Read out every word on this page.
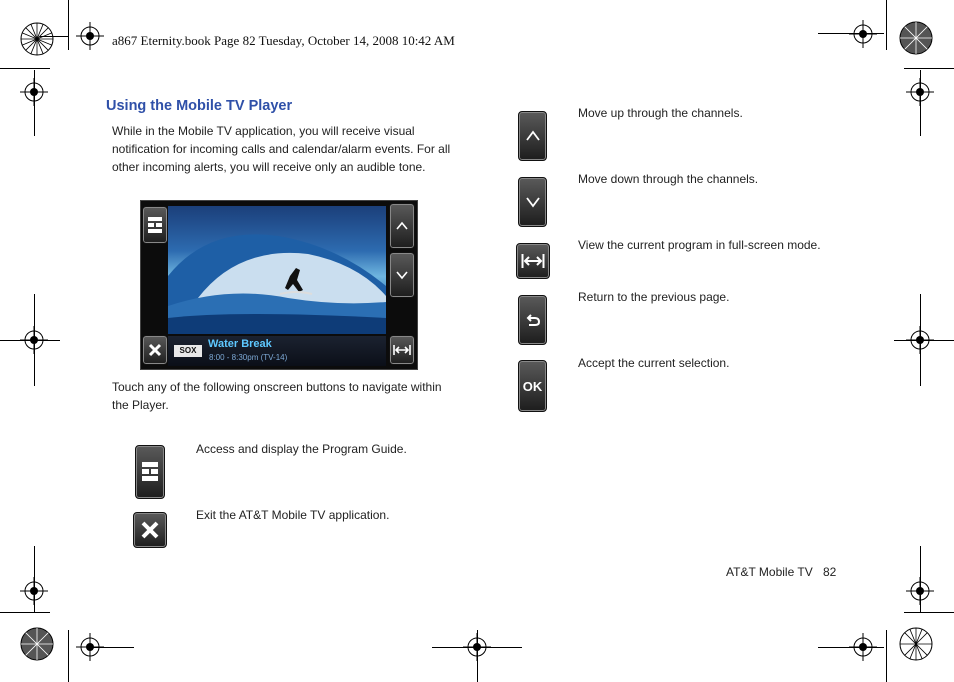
a867 Eternity.book Page 82 Tuesday, October 14, 2008 10:42 AM
Using the Mobile TV Player
While in the Mobile TV application, you will receive visual
notification for incoming calls and calendar/alarm events. For all
other incoming alerts, you will receive only an audible tone.
SOX
Water Break
8:00 - 8:30pm (TV-14)
Touch any of the following onscreen buttons to navigate within
the Player.
Access and display the Program Guide.
Exit the AT&T Mobile TV application.
Move up through the channels.
Move down through the channels.
View the current program in full-screen mode.
Return to the previous page.
OK
Accept the current selection.
AT&T Mobile TV 82
